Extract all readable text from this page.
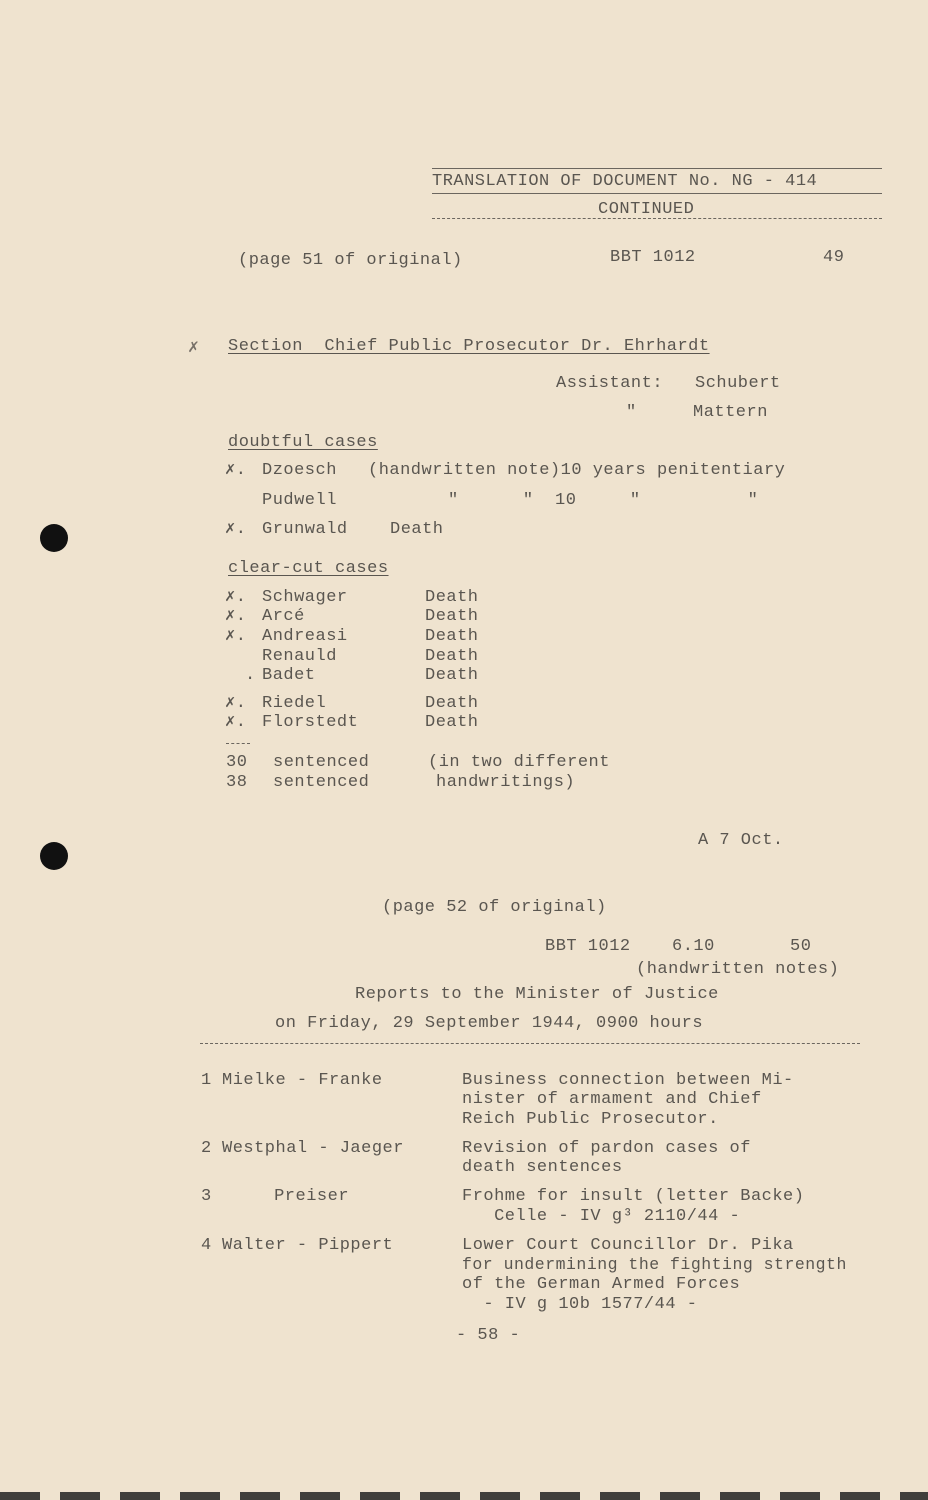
TRANSLATION OF DOCUMENT No. NG - 414
CONTINUED
(page 51 of original)	BBT 1012	49
✗ Section  Chief Public Prosecutor Dr. Ehrhardt
Assistant: Schubert
"	Mattern
doubtful cases
✗. Dzoesch (handwritten note)10 years penitentiary
Pudwell	"      "  10     "          "
✗. Grunwald Death
clear-cut cases
✗. Schwager	Death
✗. Arcé	Death
✗. Andreasi	Death
Renauld	Death
. Badet	Death
✗. Riedel	Death
✗. Florstedt	Death
30 sentenced
38 sentenced
(in two different
handwritings)
A 7 Oct.
(page 52 of original)
BBT 1012 6.10	50
(handwritten notes)
Reports to the Minister of Justice
on Friday, 29 September 1944, 0900 hours
1 Mielke - Franke	Business connection between Mi-
nister of armament and Chief
Reich Public Prosecutor.
2 Westphal - Jaeger	Revision of pardon cases of
death sentences
3 Preiser	Frohme for insult (letter Backe)
Celle - IV g³ 2110/44 -
4 Walter - Pippert	Lower Court Councillor Dr. Pika
for undermining the fighting strength
of the German Armed Forces
- IV g 10b 1577/44 -
- 58 -
